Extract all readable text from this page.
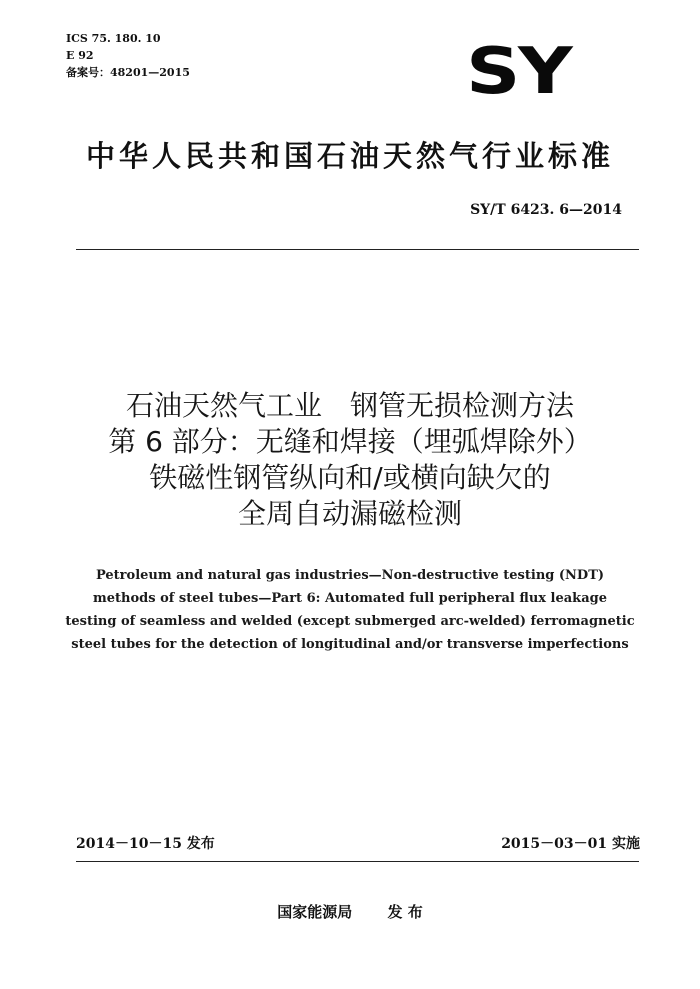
ICS 75. 180. 10
E 92
备案号：48201—2015	SY
中华人民共和国石油天然气行业标准
SY/T 6423. 6—2014
石油天然气工业　钢管无损检测方法
第 6 部分：无缝和焊接（埋弧焊除外）
铁磁性钢管纵向和/或横向缺欠的
全周自动漏磁检测
Petroleum and natural gas industries—Non-destructive testing (NDT)
methods of steel tubes—Part 6: Automated full peripheral flux leakage
testing of seamless and welded (except submerged arc-welded) ferromagnetic
steel tubes for the detection of longitudinal and/or transverse imperfections
2014－10－15 发布	2015－03－01 实施
国家能源局 发 布
